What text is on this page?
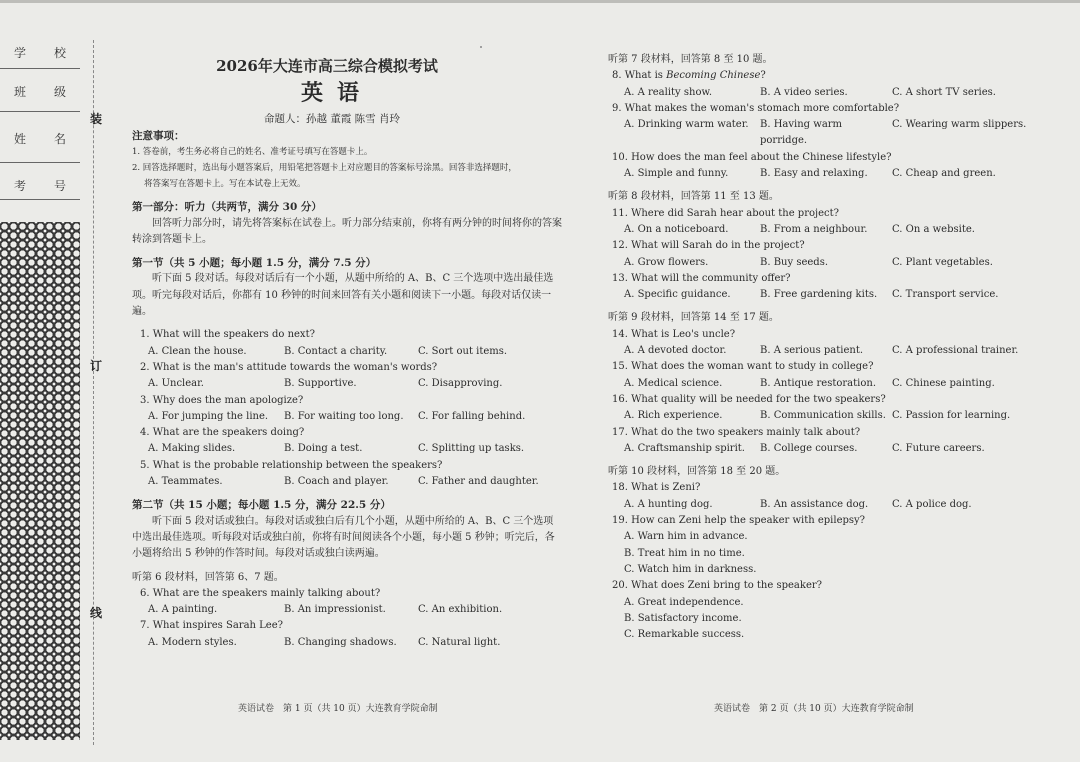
学 校
班 级
姓 名
考 号
装
订
线
2026年大连市高三综合模拟考试
英语
命题人：孙越 董霞 陈雪 肖玲

注意事项：

1. 答卷前，考生务必将自己的姓名、准考证号填写在答题卡上。

2. 回答选择题时，选出每小题答案后，用铅笔把答题卡上对应题目的答案标号涂黑。回答非选择题时，

将答案写在答题卡上。写在本试卷上无效。

第一部分：听力（共两节，满分 30 分）

回答听力部分时，请先将答案标在试卷上。听力部分结束前，你将有两分钟的时间将你的答案转涂到答题卡上。

第一节（共 5 小题；每小题 1.5 分，满分 7.5 分）

听下面 5 段对话。每段对话后有一个小题，从题中所给的 A、B、C 三个选项中选出最佳选项。听完每段对话后，你都有 10 秒钟的时间来回答有关小题和阅读下一小题。每段对话仅读一遍。

1. What will the speakers do next?
A. Clean the house.	B. Contact a charity.	C. Sort out items.
2. What is the man's attitude towards the woman's words?
A. Unclear.	B. Supportive.	C. Disapproving.
3. Why does the man apologize?
A. For jumping the line.	B. For waiting too long.	C. For falling behind.
4. What are the speakers doing?
A. Making slides.	B. Doing a test.	C. Splitting up tasks.
5. What is the probable relationship between the speakers?
A. Teammates.	B. Coach and player.	C. Father and daughter.

第二节（共 15 小题；每小题 1.5 分，满分 22.5 分）

听下面 5 段对话或独白。每段对话或独白后有几个小题，从题中所给的 A、B、C 三个选项中选出最佳选项。听每段对话或独白前，你将有时间阅读各个小题，每小题 5 秒钟；听完后，各小题将给出 5 秒钟的作答时间。每段对话或独白读两遍。

听第 6 段材料，回答第 6、7 题。

6. What are the speakers mainly talking about?
A. A painting.	B. An impressionist.	C. An exhibition.
7. What inspires Sarah Lee?
A. Modern styles.	B. Changing shadows.	C. Natural light.
英语试卷　第 1 页（共 10 页）大连教育学院命制

听第 7 段材料，回答第 8 至 10 题。

8. What is Becoming Chinese?
A. A reality show.	B. A video series.	C. A short TV series.
9. What makes the woman's stomach more comfortable?
A. Drinking warm water.	B. Having warm porridge.
C. Wearing warm slippers.
10. How does the man feel about the Chinese lifestyle?
A. Simple and funny.	B. Easy and relaxing.	C. Cheap and green.

听第 8 段材料，回答第 11 至 13 题。

11. Where did Sarah hear about the project?
A. On a noticeboard.	B. From a neighbour.	C. On a website.
12. What will Sarah do in the project?
A. Grow flowers.	B. Buy seeds.	C. Plant vegetables.
13. What will the community offer?
A. Specific guidance.	B. Free gardening kits.	C. Transport service.

听第 9 段材料，回答第 14 至 17 题。

14. What is Leo's uncle?
A. A devoted doctor.	B. A serious patient.	C. A professional trainer.
15. What does the woman want to study in college?
A. Medical science.	B. Antique restoration.	C. Chinese painting.
16. What quality will be needed for the two speakers?
A. Rich experience.	B. Communication skills. C. Passion for learning.
17. What do the two speakers mainly talk about?
A. Craftsmanship spirit.	B. College courses.	C. Future careers.

听第 10 段材料，回答第 18 至 20 题。

18. What is Zeni?
A. A hunting dog.	B. An assistance dog.	C. A police dog.
19. How can Zeni help the speaker with epilepsy?
A. Warn him in advance.
B. Treat him in no time.
C. Watch him in darkness.
20. What does Zeni bring to the speaker?
A. Great independence.
B. Satisfactory income.
C. Remarkable success.
英语试卷　第 2 页（共 10 页）大连教育学院命制
